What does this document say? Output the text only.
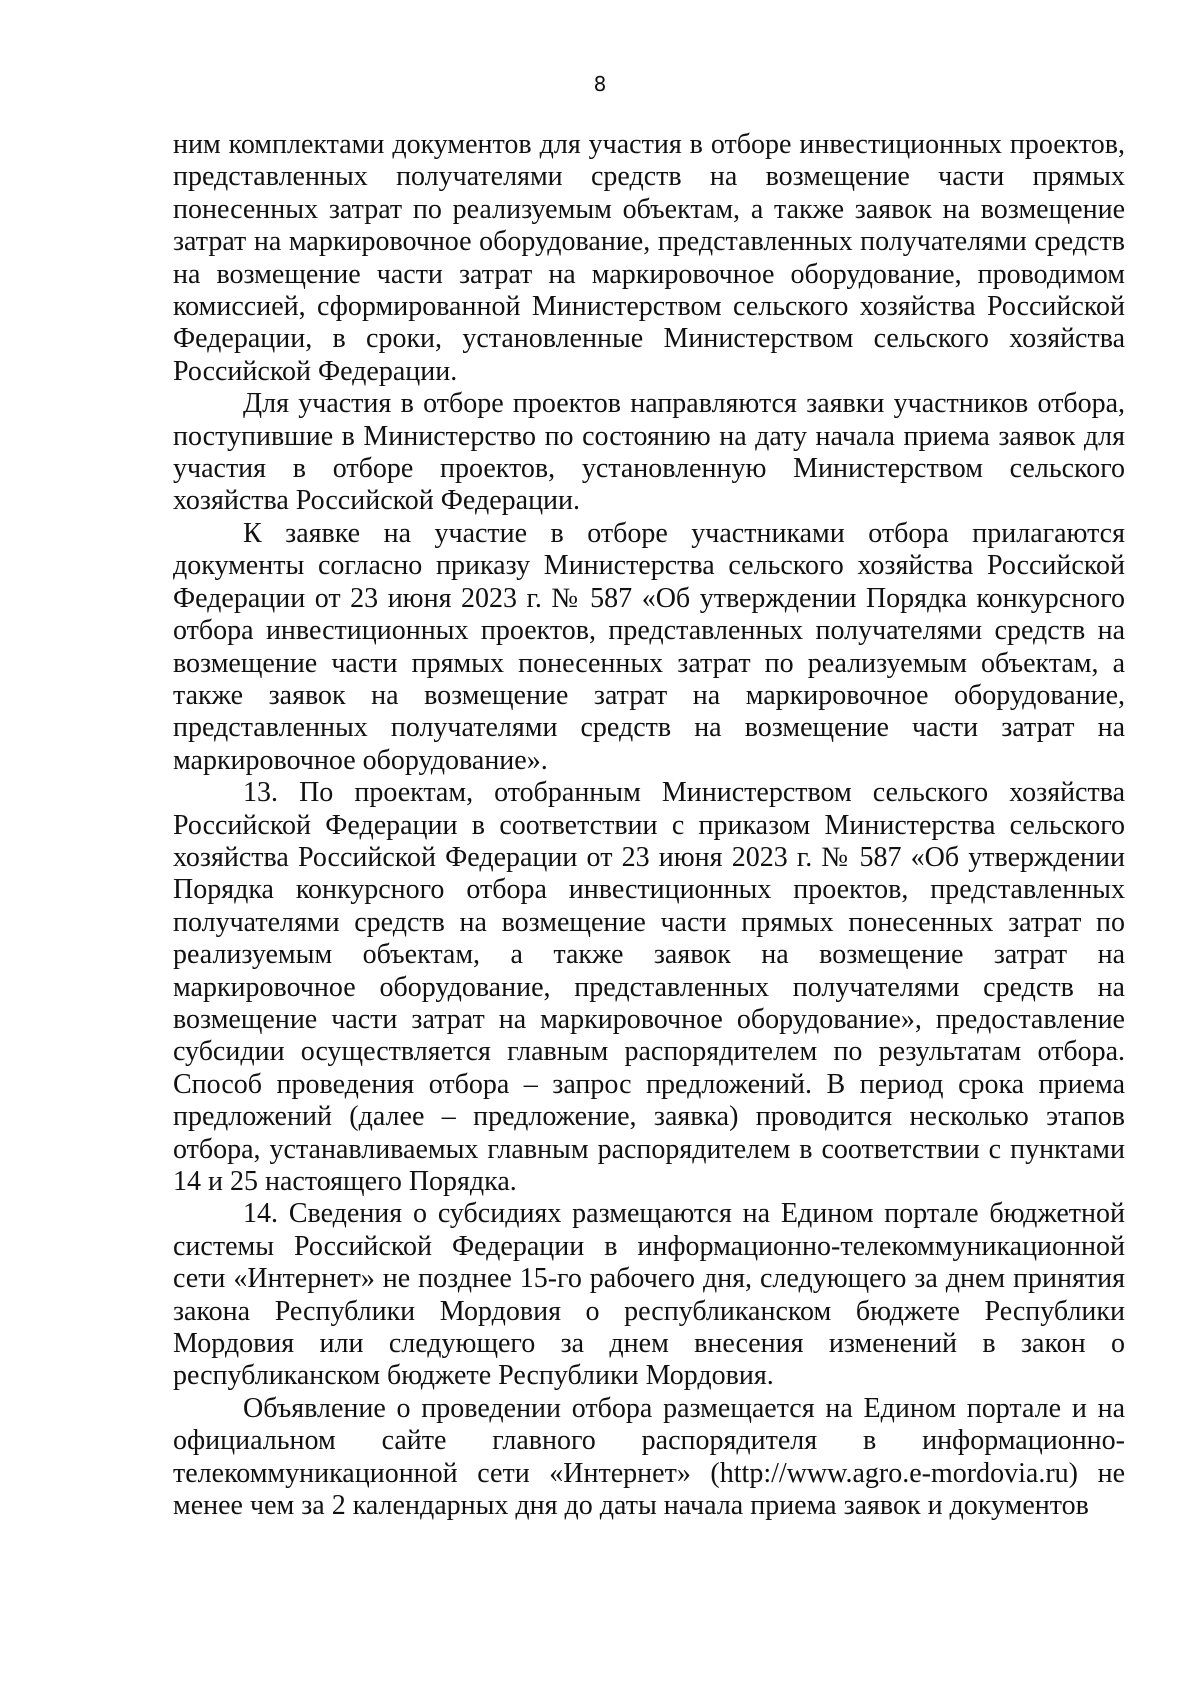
8

ним комплектами документов для участия в отборе инвестиционных проектов, представленных получателями средств на возмещение части прямых понесенных затрат по реализуемым объектам, а также заявок на возмещение затрат на маркировочное оборудование, представленных получателями средств на возмещение части затрат на маркировочное оборудование, проводимом комиссией, сформированной Министерством сельского хозяйства Российской Федерации, в сроки, установленные Министерством сельского хозяйства Российской Федерации.

Для участия в отборе проектов направляются заявки участников отбора, поступившие в Министерство по состоянию на дату начала приема заявок для участия в отборе проектов, установленную Министерством сельского хозяйства Российской Федерации.

К заявке на участие в отборе участниками отбора прилагаются документы согласно приказу Министерства сельского хозяйства Российской Федерации от 23 июня 2023 г. № 587 «Об утверждении Порядка конкурсного отбора инвестиционных проектов, представленных получателями средств на возмещение части прямых понесенных затрат по реализуемым объектам, а также заявок на возмещение затрат на маркировочное оборудование, представленных получателями средств на возмещение части затрат на маркировочное оборудование».

13. По проектам, отобранным Министерством сельского хозяйства Российской Федерации в соответствии с приказом Министерства сельского хозяйства Российской Федерации от 23 июня 2023 г. № 587 «Об утверждении Порядка конкурсного отбора инвестиционных проектов, представленных получателями средств на возмещение части прямых понесенных затрат по реализуемым объектам, а также заявок на возмещение затрат на маркировочное оборудование, представленных получателями средств на возмещение части затрат на маркировочное оборудование», предоставление субсидии осуществляется главным распорядителем по результатам отбора. Способ проведения отбора – запрос предложений. В период срока приема предложений (далее – предложение, заявка) проводится несколько этапов отбора, устанавливаемых главным распорядителем в соответствии с пунктами 14 и 25 настоящего Порядка.

14. Сведения о субсидиях размещаются на Едином портале бюджетной системы Российской Федерации в информационно-телекоммуникационной сети «Интернет» не позднее 15-го рабочего дня, следующего за днем принятия закона Республики Мордовия о республиканском бюджете Республики Мордовия или следующего за днем внесения изменений в закон о республиканском бюджете Республики Мордовия.

Объявление о проведении отбора размещается на Едином портале и на официальном сайте главного распорядителя в информационно-телекоммуникационной сети «Интернет» (http://www.agro.e-mordovia.ru) не менее чем за 2 календарных дня до даты начала приема заявок и документов
